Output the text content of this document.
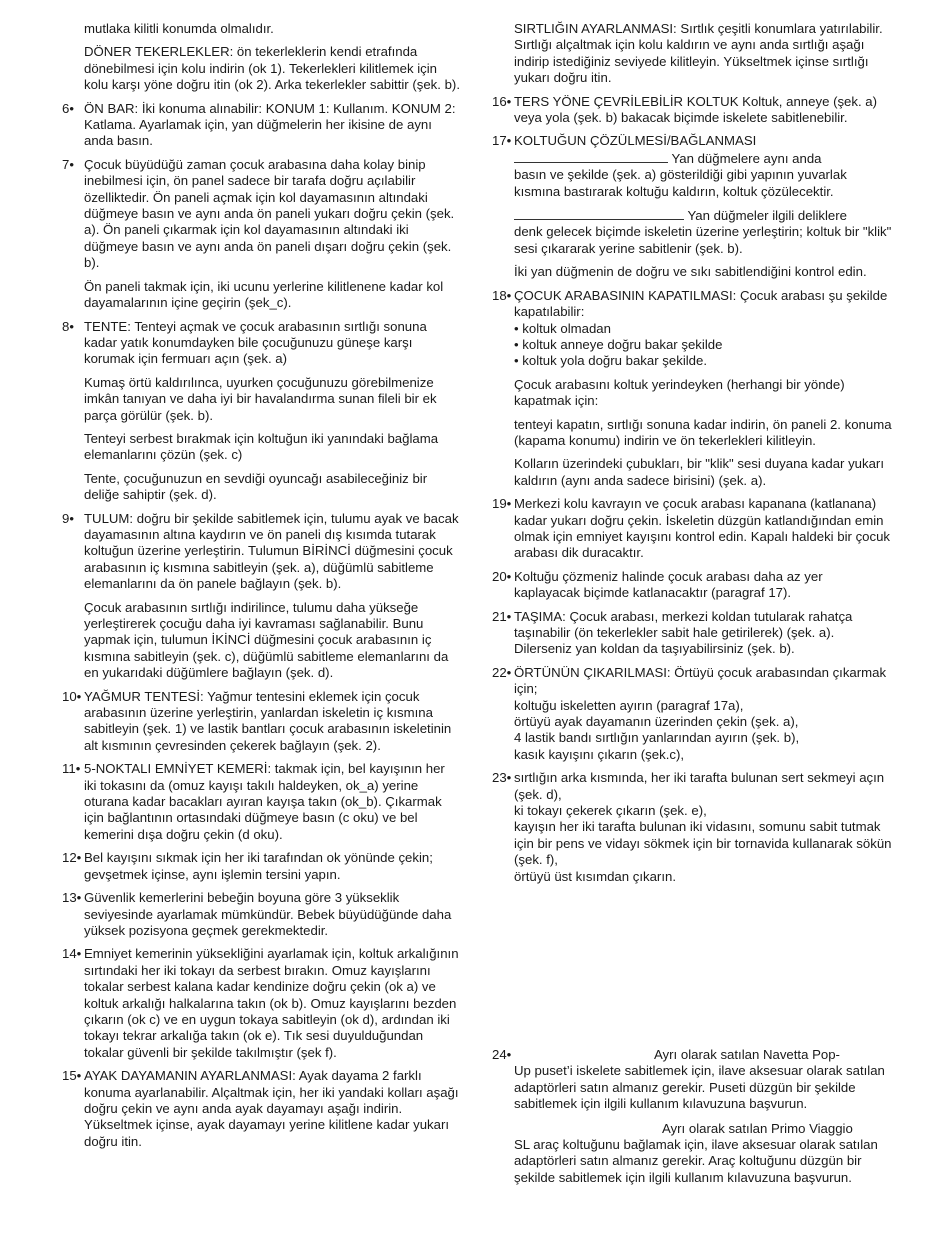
mutlaka kilitli konumda olmalıdır.

DÖNER TEKERLEKLER: ön tekerleklerin kendi etrafında dönebilmesi için kolu indirin (ok 1). Tekerlekleri kilitlemek için kolu karşı yöne doğru itin (ok 2). Arka tekerlekler sabittir (şek. b).

6• ÖN BAR: İki konuma alınabilir: KONUM 1: Kullanım. KONUM 2: Katlama. Ayarlamak için, yan düğmelerin her ikisine de aynı anda basın.

7• Çocuk büyüdüğü zaman çocuk arabasına daha kolay binip inebilmesi için, ön panel sadece bir tarafa doğru açılabilir özelliktedir. Ön paneli açmak için kol dayamasının altındaki düğmeye basın ve aynı anda ön paneli yukarı doğru çekin (şek. a). Ön paneli çıkarmak için kol dayamasının altındaki iki düğmeye basın ve aynı anda ön paneli dışarı doğru çekin (şek. b).

Ön paneli takmak için, iki ucunu yerlerine kilitlenene kadar kol dayamalarının içine geçirin (şek_c).

8• TENTE: Tenteyi açmak ve çocuk arabasının sırtlığı sonuna kadar yatık konumdayken bile çocuğunuzu güneşe karşı korumak için fermuarı açın (şek. a)

Kumaş örtü kaldırılınca, uyurken çocuğunuzu görebilmenize imkân tanıyan ve daha iyi bir havalandırma sunan fileli bir ek parça görülür (şek. b).

Tenteyi serbest bırakmak için koltuğun iki yanındaki bağlama elemanlarını çözün (şek. c)

Tente, çocuğunuzun en sevdiği oyuncağı asabileceğiniz bir deliğe sahiptir (şek. d).

9• TULUM: doğru bir şekilde sabitlemek için, tulumu ayak ve bacak dayamasının altına kaydırın ve ön paneli dış kısımda tutarak koltuğun üzerine yerleştirin. Tulumun BİRİNCİ düğmesini çocuk arabasının iç kısmına sabitleyin (şek. a), düğümlü sabitleme elemanlarını da ön panele bağlayın (şek. b).

Çocuk arabasının sırtlığı indirilince, tulumu daha yükseğe yerleştirerek çocuğu daha iyi kavraması sağlanabilir. Bunu yapmak için, tulumun İKİNCİ düğmesini çocuk arabasının iç kısmına sabitleyin (şek. c), düğümlü sabitleme elemanlarını da en yukarıdaki düğümlere bağlayın (şek. d).

10• YAĞMUR TENTESİ: Yağmur tentesini eklemek için çocuk arabasının üzerine yerleştirin, yanlardan iskeletin iç kısmına sabitleyin (şek. 1) ve lastik bantları çocuk arabasının iskeletinin alt kısmının çevresinden çekerek bağlayın (şek. 2).

11• 5-NOKTALI EMNİYET KEMERİ: takmak için, bel kayışının her iki tokasını da (omuz kayışı takılı haldeyken, ok_a) yerine oturana kadar bacakları ayıran kayışa takın (ok_b). Çıkarmak için bağlantının ortasındaki düğmeye basın (c oku) ve bel kemerini dışa doğru çekin (d oku).

12• Bel kayışını sıkmak için her iki tarafından ok yönünde çekin; gevşetmek içinse, aynı işlemin tersini yapın.

13• Güvenlik kemerlerini bebeğin boyuna göre 3 yükseklik seviyesinde ayarlamak mümkündür. Bebek büyüdüğünde daha yüksek pozisyona geçmek gerekmektedir.

14• Emniyet kemerinin yüksekliğini ayarlamak için, koltuk arkalığının sırtındaki her iki tokayı da serbest bırakın. Omuz kayışlarını tokalar serbest kalana kadar kendinize doğru çekin (ok a) ve koltuk arkalığı halkalarına takın (ok b). Omuz kayışlarını bezden çıkarın (ok c) ve en uygun tokaya sabitleyin (ok d), ardından iki tokayı tekrar arkalığa takın (ok e). Tık sesi duyulduğundan tokalar güvenli bir şekilde takılmıştır (şek f).

15• AYAK DAYAMANIN AYARLANMASI: Ayak dayama 2 farklı konuma ayarlanabilir. Alçaltmak için, her iki yandaki kolları aşağı doğru çekin ve aynı anda ayak dayamayı aşağı indirin. Yükseltmek içinse, ayak dayamayı yerine kilitlene kadar yukarı doğru itin.

SIRTLIĞIN AYARLANMASI: Sırtlık çeşitli konumlara yatırılabilir. Sırtlığı alçaltmak için kolu kaldırın ve aynı anda sırtlığı aşağı indirip istediğiniz seviyede kilitleyin. Yükseltmek içinse sırtlığı yukarı doğru itin.

16• TERS YÖNE ÇEVRİLEBİLİR KOLTUK Koltuk, anneye (şek. a) veya yola (şek. b) bakacak biçimde iskelete sabitlenebilir.

17• KOLTUĞUN ÇÖZÜLMESİ/BAĞLANMASI
Yan düğmelere aynı anda
basın ve şekilde (şek. a) gösterildiği gibi yapının yuvarlak kısmına bastırarak koltuğu kaldırın, koltuk çözülecektir.

Yan düğmeler ilgili deliklere
denk gelecek biçimde iskeletin üzerine yerleştirin; koltuk bir "klik" sesi çıkararak yerine sabitlenir (şek. b).

İki yan düğmenin de doğru ve sıkı sabitlendiğini kontrol edin.

18• ÇOCUK ARABASININ KAPATILMASI: Çocuk arabası şu şekilde kapatılabilir:
• koltuk olmadan
• koltuk anneye doğru bakar şekilde
• koltuk yola doğru bakar şekilde.

Çocuk arabasını koltuk yerindeyken (herhangi bir yönde) kapatmak için:

tenteyi kapatın, sırtlığı sonuna kadar indirin, ön paneli 2. konuma (kapama konumu) indirin ve ön tekerlekleri kilitleyin.

Kolların üzerindeki çubukları, bir "klik" sesi duyana kadar yukarı kaldırın (aynı anda sadece birisini) (şek. a).

19• Merkezi kolu kavrayın ve çocuk arabası kapanana (katlanana) kadar yukarı doğru çekin. İskeletin düzgün katlandığından emin olmak için emniyet kayışını kontrol edin. Kapalı haldeki bir çocuk arabası dik duracaktır.

20• Koltuğu çözmeniz halinde çocuk arabası daha az yer kaplayacak biçimde katlanacaktır (paragraf 17).

21• TAŞIMA: Çocuk arabası, merkezi koldan tutularak rahatça taşınabilir (ön tekerlekler sabit hale getirilerek) (şek. a). Dilerseniz yan koldan da taşıyabilirsiniz (şek. b).

22• ÖRTÜNÜN ÇIKARILMASI: Örtüyü çocuk arabasından çıkarmak için;
koltuğu iskeletten ayırın (paragraf 17a),
örtüyü ayak dayamanın üzerinden çekin (şek. a),
4 lastik bandı sırtlığın yanlarından ayırın (şek. b),
kasık kayışını çıkarın (şek.c),
23• sırtlığın arka kısmında, her iki tarafta bulunan sert sekmeyi açın (şek. d),
ki tokayı çekerek çıkarın (şek. e),
kayışın her iki tarafta bulunan iki vidasını, somunu sabit tutmak için bir pens ve vidayı sökmek için bir tornavida kullanarak sökün (şek. f),
örtüyü üst kısımdan çıkarın.
24•	Ayrı olarak satılan Navetta Pop-
Up puset’i iskelete sabitlemek için, ilave aksesuar olarak satılan adaptörleri satın almanız gerekir. Puseti düzgün bir şekilde sabitlemek için ilgili kullanım kılavuzuna başvurun.

Ayrı olarak satılan Primo Viaggio
SL araç koltuğunu bağlamak için, ilave aksesuar olarak satılan adaptörleri satın almanız gerekir. Araç koltuğunu düzgün bir şekilde sabitlemek için ilgili kullanım kılavuzuna başvurun.
